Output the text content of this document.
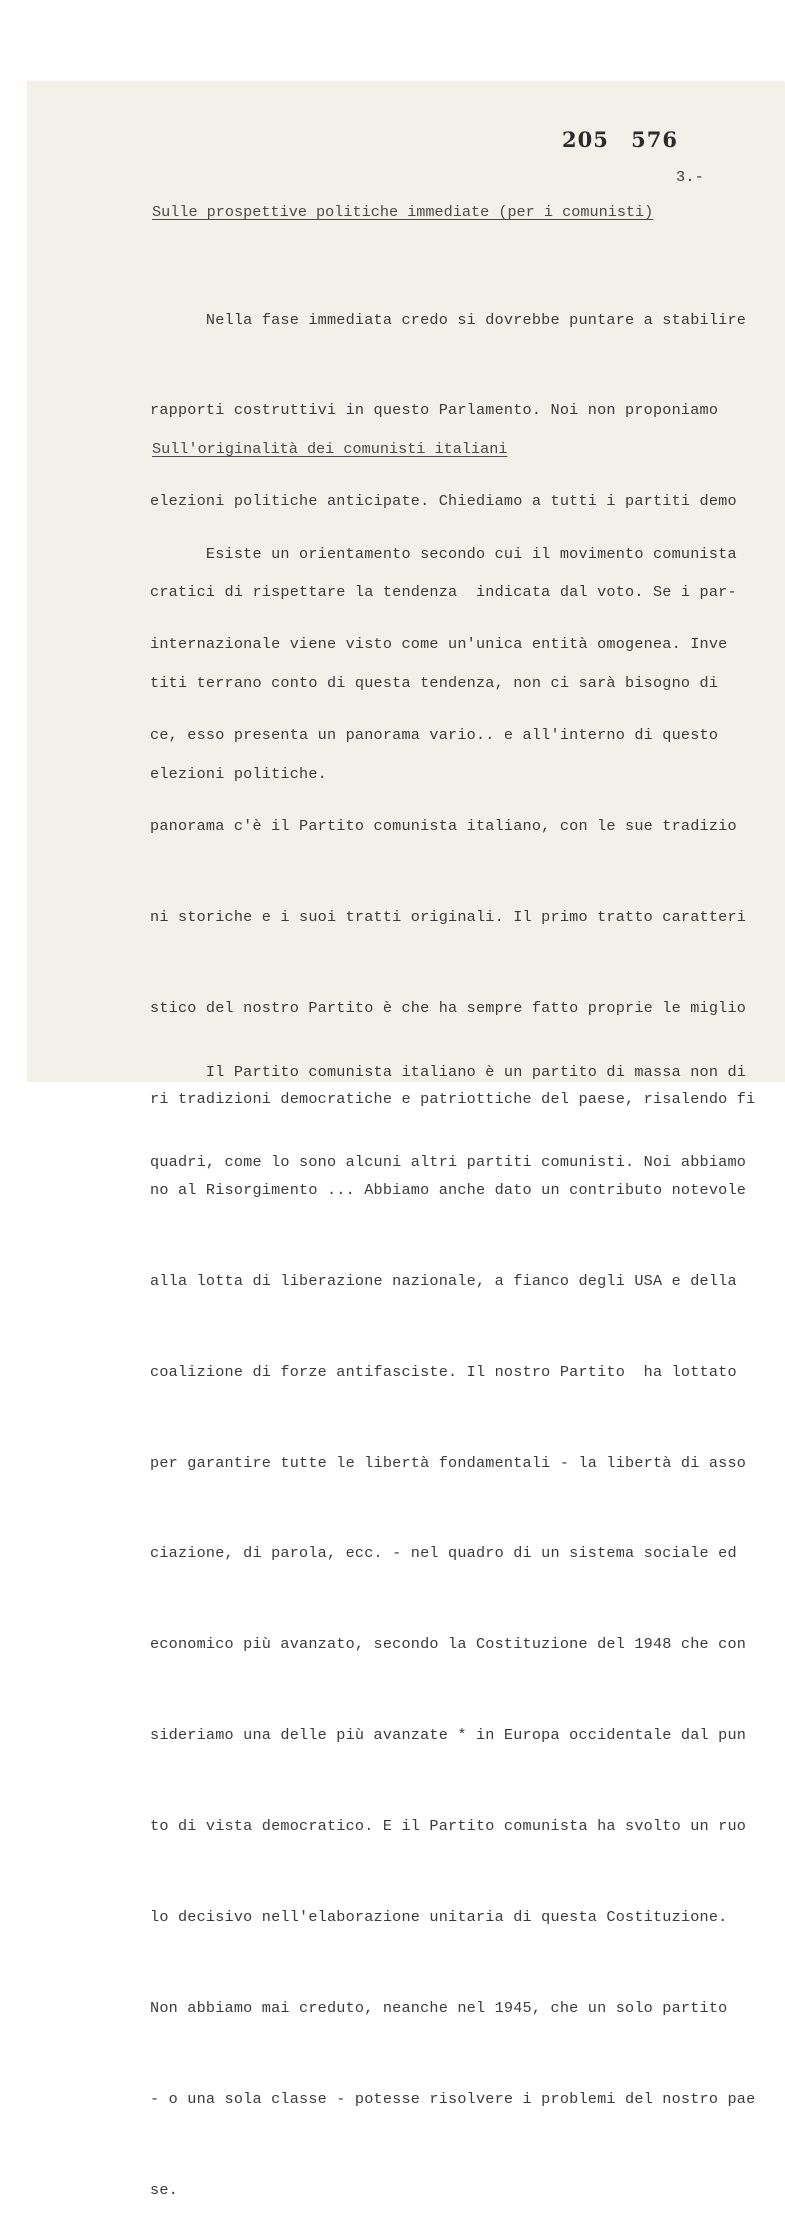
205 576
3.-
Sulle prospettive politiche immediate (per i comunisti)

Nella fase immediata credo si dovrebbe puntare a stabilire

rapporti costruttivi in questo Parlamento. Noi non proponiamo

elezioni politiche anticipate. Chiediamo a tutti i partiti demo

cratici di rispettare la tendenza  indicata dal voto. Se i par-

titi terrano conto di questa tendenza, non ci sarà bisogno di

elezioni politiche.

Sull'originalità dei comunisti italiani

Esiste un orientamento secondo cui il movimento comunista

internazionale viene visto come un'unica entità omogenea. Inve

ce, esso presenta un panorama vario.. e all'interno di questo

panorama c'è il Partito comunista italiano, con le sue tradizio

ni storiche e i suoi tratti originali. Il primo tratto caratteri

stico del nostro Partito è che ha sempre fatto proprie le miglio

ri tradizioni democratiche e patriottiche del paese, risalendo fi

no al Risorgimento ... Abbiamo anche dato un contributo notevole

alla lotta di liberazione nazionale, a fianco degli USA e della

coalizione di forze antifasciste. Il nostro Partito  ha lottato

per garantire tutte le libertà fondamentali - la libertà di asso

ciazione, di parola, ecc. - nel quadro di un sistema sociale ed

economico più avanzato, secondo la Costituzione del 1948 che con

sideriamo una delle più avanzate * in Europa occidentale dal pun

to di vista democratico. E il Partito comunista ha svolto un ruo

lo decisivo nell'elaborazione unitaria di questa Costituzione.

Non abbiamo mai creduto, neanche nel 1945, che un solo partito

- o una sola classe - potesse risolvere i problemi del nostro pae

se.

Il Partito comunista italiano è un partito di massa non di

quadri, come lo sono alcuni altri partiti comunisti. Noi abbiamo
